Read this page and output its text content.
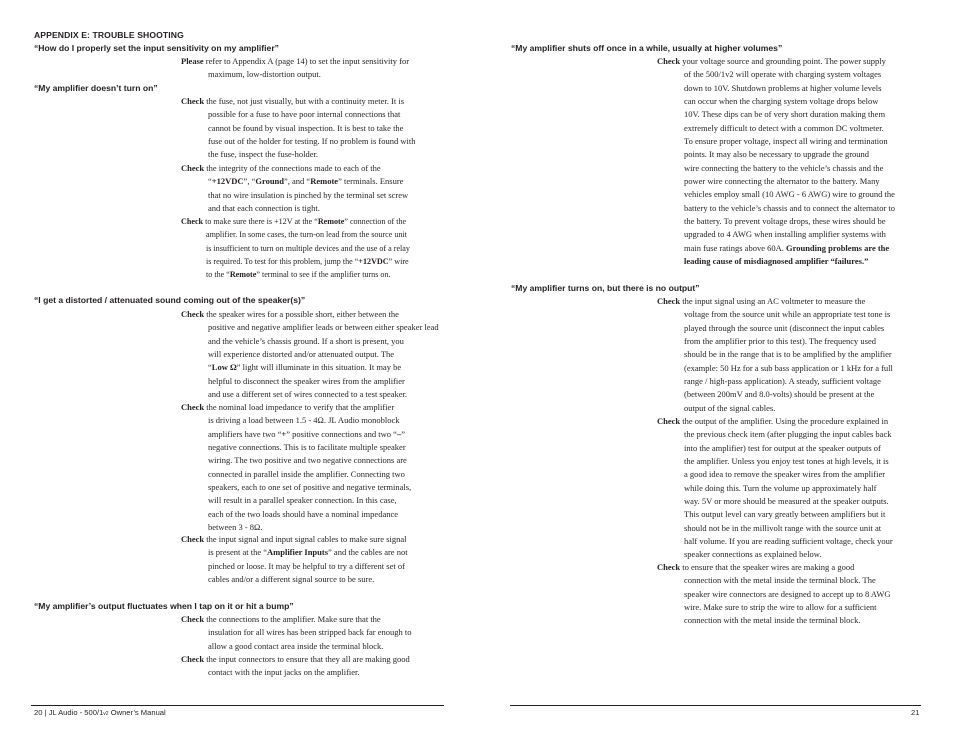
APPENDIX E: TROUBLE SHOOTING
“How do I properly set the input sensitivity on my amplifier”
Please refer to Appendix A (page 14) to set the input sensitivity for
maximum, low-distortion output.
“My amplifier doesn’t turn on”
Check the fuse, not just visually, but with a continuity meter. It is
possible for a fuse to have poor internal connections that
cannot be found by visual inspection. It is best to take the
fuse out of the holder for testing. If no problem is found with
the fuse, inspect the fuse-holder.
Check the integrity of the connections made to each of the
“+12VDC”, “Ground”, and “Remote” terminals. Ensure
that no wire insulation is pinched by the terminal set screw
and that each connection is tight.
Check to make sure there is +12V at the “Remote” connection of the
amplifier. In some cases, the turn-on lead from the source unit
is insufficient to turn on multiple devices and the use of a relay
is required. To test for this problem, jump the “+12VDC” wire
to the “Remote” terminal to see if the amplifier turns on.
“I get a distorted / attenuated sound coming out of the speaker(s)”
Check the speaker wires for a possible short, either between the
positive and negative amplifier leads or between either speaker lead
and the vehicle’s chassis ground. If a short is present, you
will experience distorted and/or attenuated output. The
“Low Ω” light will illuminate in this situation. It may be
helpful to disconnect the speaker wires from the amplifier
and use a different set of wires connected to a test speaker.
Check the nominal load impedance to verify that the amplifier
is driving a load between 1.5 - 4Ω. JL Audio monoblock
amplifiers have two “+” positive connections and two “–”
negative connections. This is to facilitate multiple speaker
wiring. The two positive and two negative connections are
connected in parallel inside the amplifier. Connecting two
speakers, each to one set of positive and negative terminals,
will result in a parallel speaker connection. In this case,
each of the two loads should have a nominal impedance
between 3 - 8Ω.
Check the input signal and input signal cables to make sure signal
is present at the “Amplifier Inputs” and the cables are not
pinched or loose. It may be helpful to try a different set of
cables and/or a different signal source to be sure.
“My amplifier’s output fluctuates when I tap on it or hit a bump”
Check the connections to the amplifier. Make sure that the
insulation for all wires has been stripped back far enough to
allow a good contact area inside the terminal block.
Check the input connectors to ensure that they all are making good
contact with the input jacks on the amplifier.
20 | JL Audio - 500/1v2 Owner’s Manual
“My amplifier shuts off once in a while, usually at higher volumes”
Check your voltage source and grounding point. The power supply
of the 500/1v2 will operate with charging system voltages
down to 10V. Shutdown problems at higher volume levels
can occur when the charging system voltage drops below
10V. These dips can be of very short duration making them
extremely difficult to detect with a common DC voltmeter.
To ensure proper voltage, inspect all wiring and termination
points. It may also be necessary to upgrade the ground
wire connecting the battery to the vehicle’s chassis and the
power wire connecting the alternator to the battery. Many
vehicles employ small (10 AWG - 6 AWG) wire to ground the
battery to the vehicle’s chassis and to connect the alternator to
the battery. To prevent voltage drops, these wires should be
upgraded to 4 AWG when installing amplifier systems with
main fuse ratings above 60A. Grounding problems are the
leading cause of misdiagnosed amplifier “failures.”
“My amplifier turns on, but there is no output”
Check the input signal using an AC voltmeter to measure the
voltage from the source unit while an appropriate test tone is
played through the source unit (disconnect the input cables
from the amplifier prior to this test). The frequency used
should be in the range that is to be amplified by the amplifier
(example: 50 Hz for a sub bass application or 1 kHz for a full
range / high-pass application). A steady, sufficient voltage
(between 200mV and 8.0-volts) should be present at the
output of the signal cables.
Check the output of the amplifier. Using the procedure explained in
the previous check item (after plugging the input cables back
into the amplifier) test for output at the speaker outputs of
the amplifier. Unless you enjoy test tones at high levels, it is
a good idea to remove the speaker wires from the amplifier
while doing this. Turn the volume up approximately half
way. 5V or more should be measured at the speaker outputs.
This output level can vary greatly between amplifiers but it
should not be in the millivolt range with the source unit at
half volume. If you are reading sufficient voltage, check your
speaker connections as explained below.
Check to ensure that the speaker wires are making a good
connection with the metal inside the terminal block. The
speaker wire connectors are designed to accept up to 8 AWG
wire. Make sure to strip the wire to allow for a sufficient
connection with the metal inside the terminal block.
21
